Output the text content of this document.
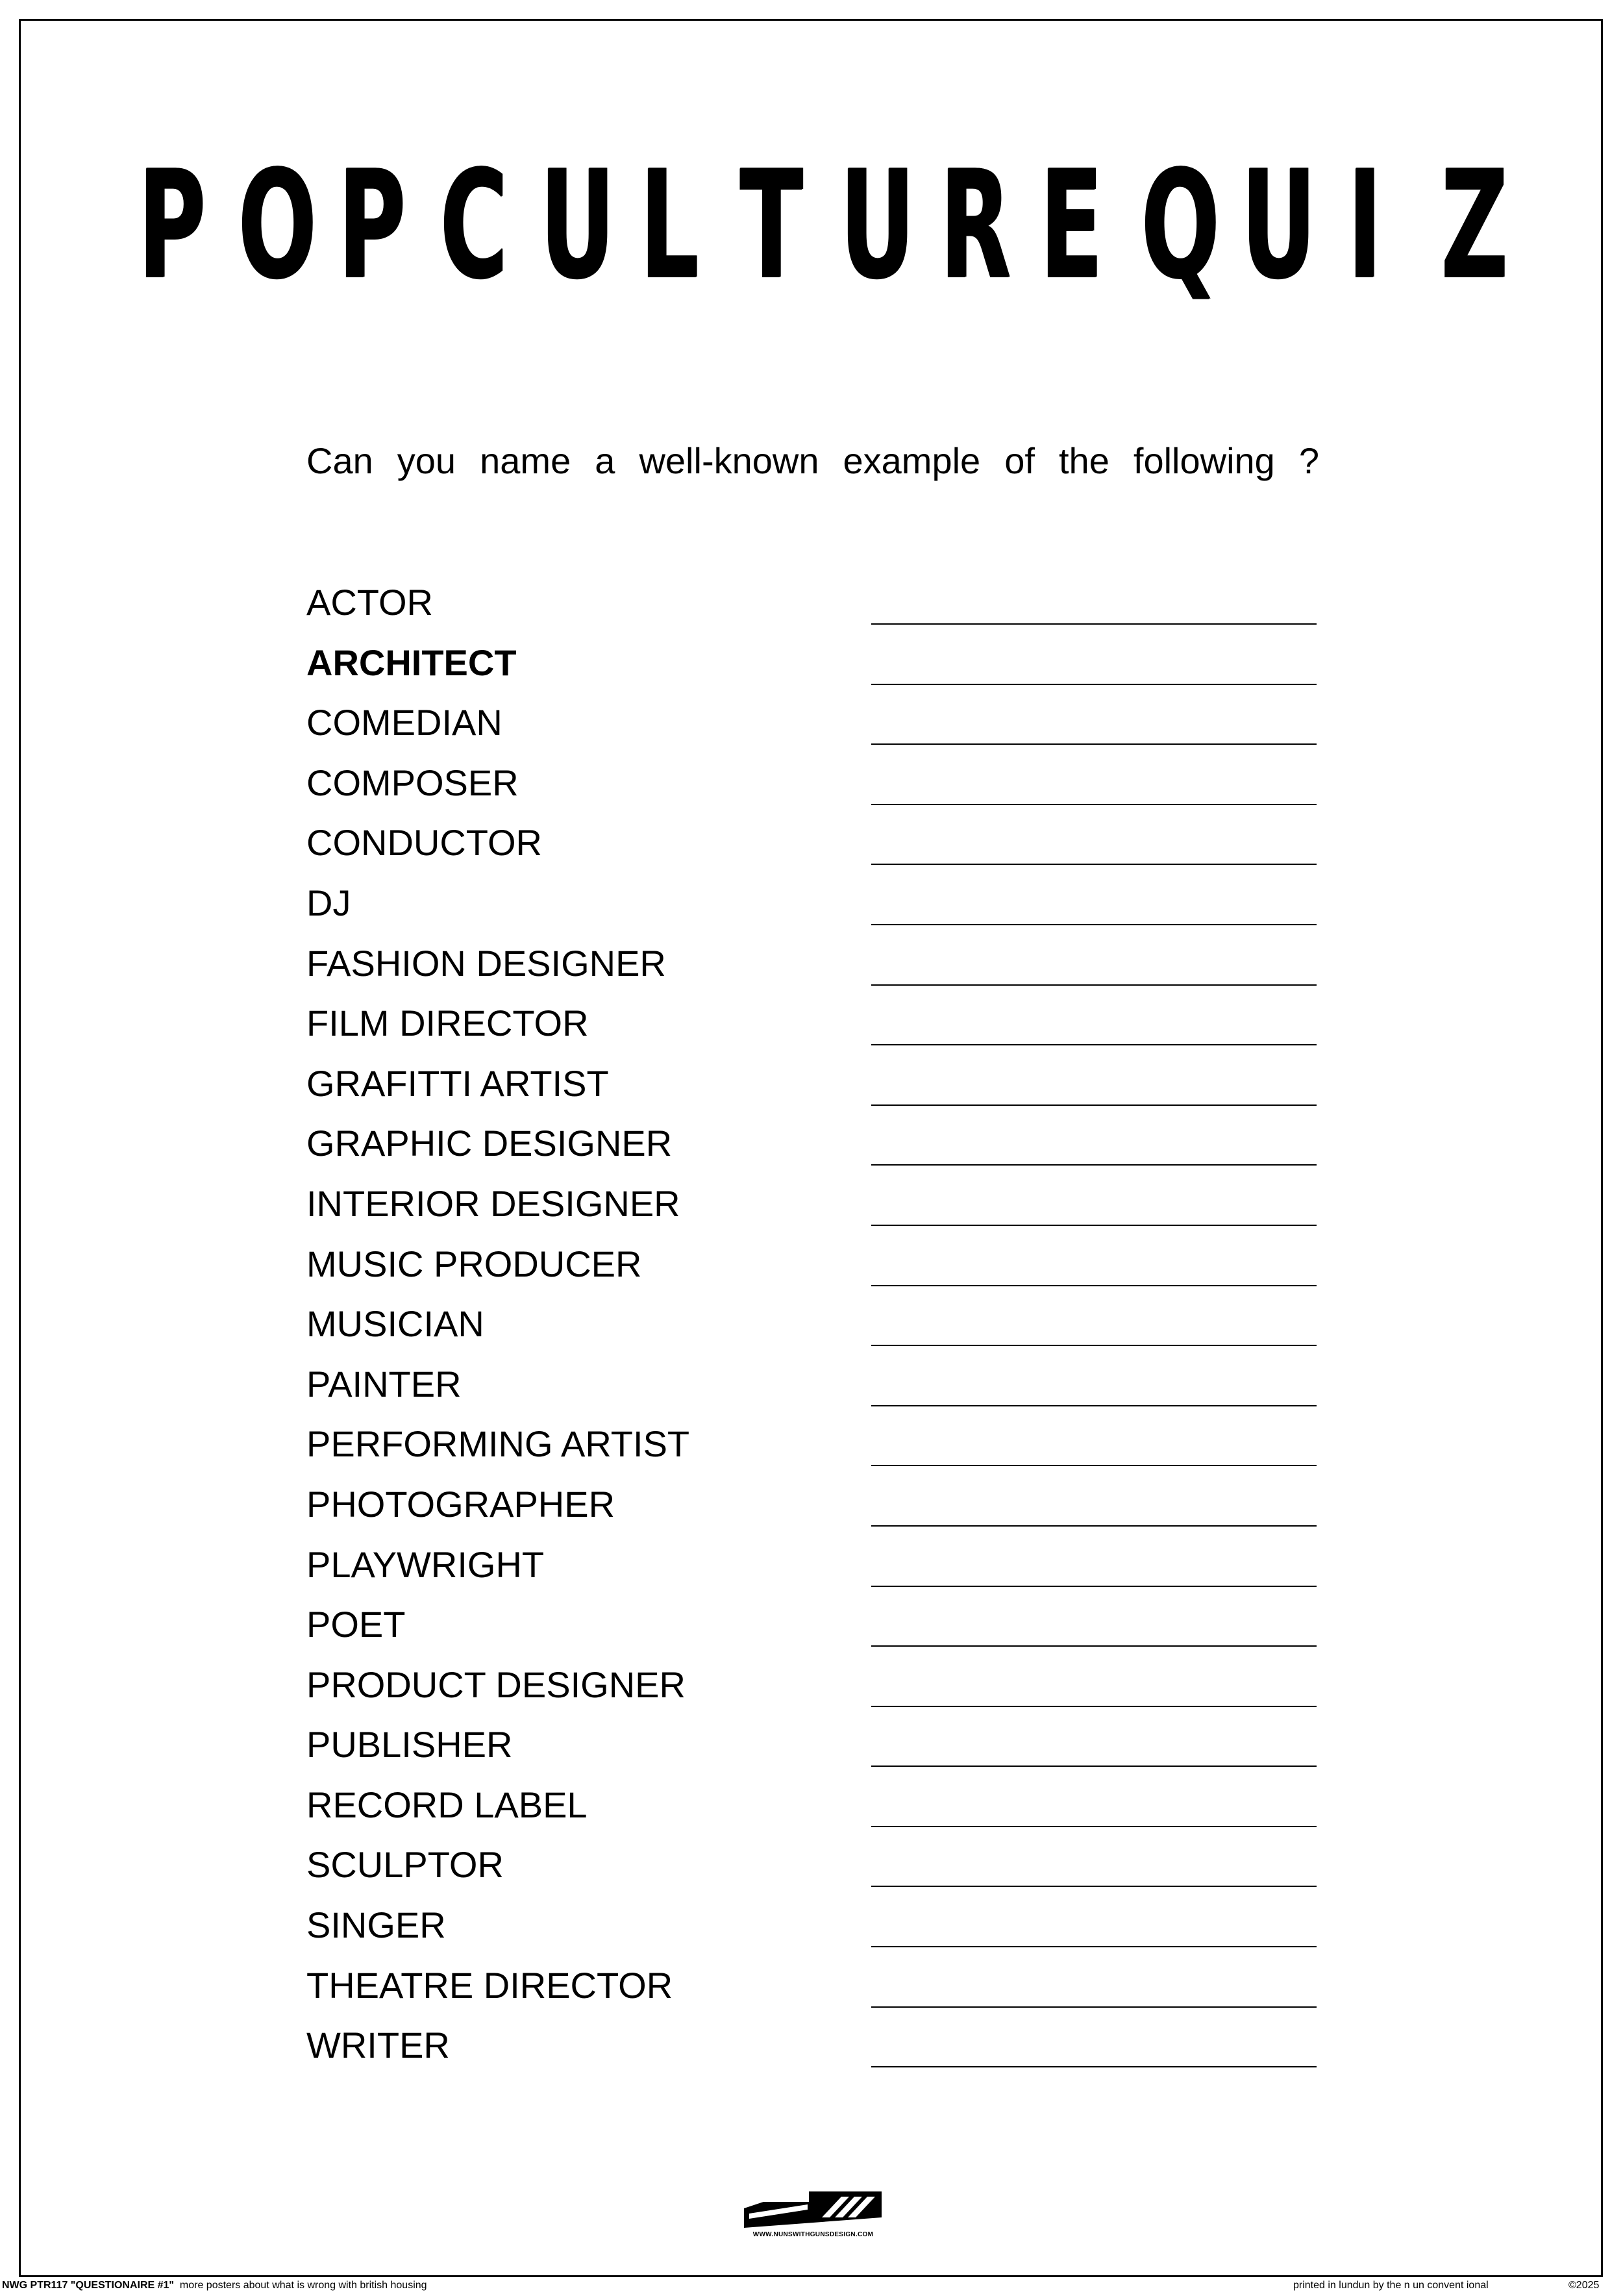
P O P C U L T U R E Q U I Z
Can you name a well-known example of the following ?
ACTOR
ARCHITECT
COMEDIAN
COMPOSER
CONDUCTOR
DJ
FASHION DESIGNER
FILM DIRECTOR
GRAFITTI ARTIST
GRAPHIC DESIGNER
INTERIOR DESIGNER
MUSIC PRODUCER
MUSICIAN
PAINTER
PERFORMING ARTIST
PHOTOGRAPHER
PLAYWRIGHT
POET
PRODUCT DESIGNER
PUBLISHER
RECORD LABEL
SCULPTOR
SINGER
THEATRE DIRECTOR
WRITER
WWW.NUNSWITHGUNSDESIGN.COM
NWG PTR117 "QUESTIONAIRE #1" more posters about what is wrong with british housing	printed in lundun by the n un convent ional	©2025
